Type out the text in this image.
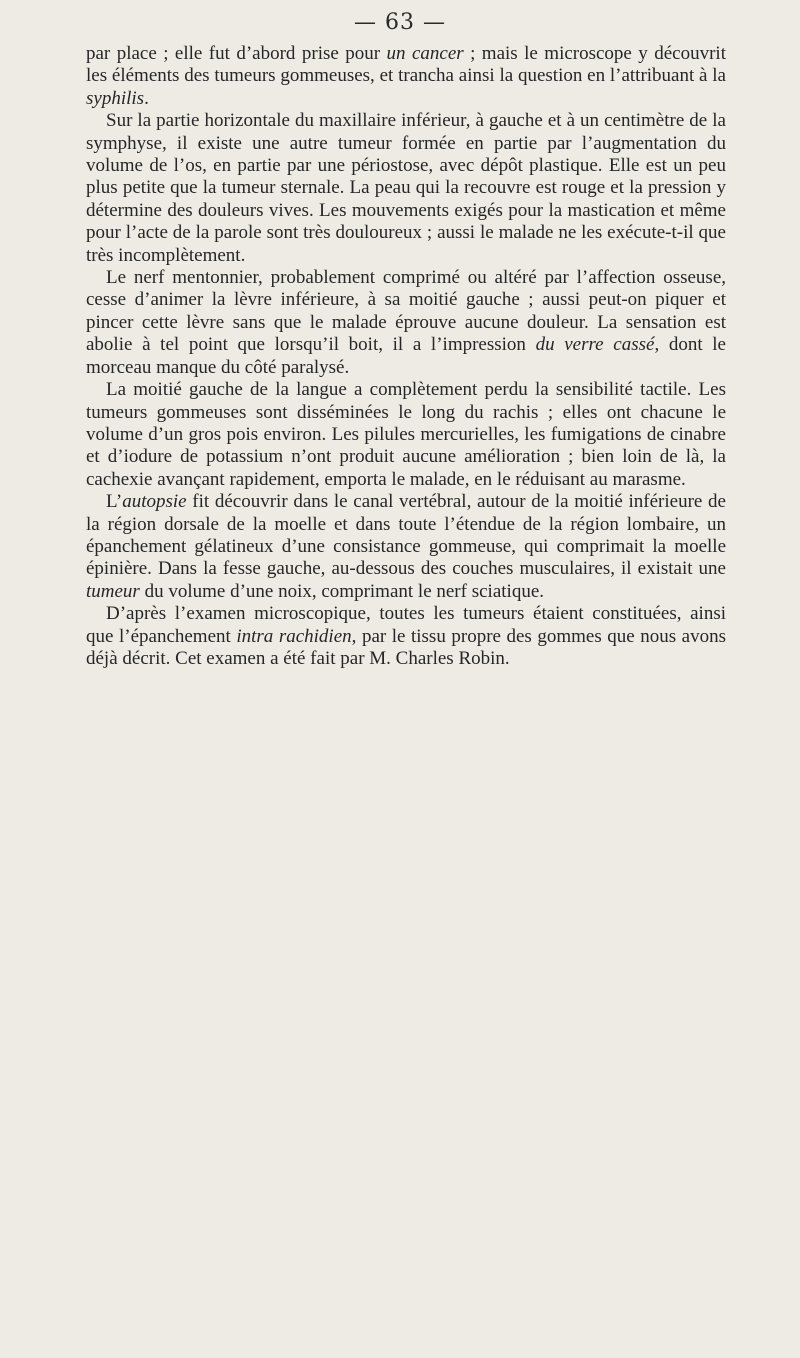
— 63 —

par place ; elle fut d’abord prise pour un cancer ; mais le microscope y découvrit les éléments des tumeurs gommeuses, et trancha ainsi la question en l’attribuant à la syphilis.

Sur la partie horizontale du maxillaire inférieur, à gauche et à un centimètre de la symphyse, il existe une autre tumeur formée en partie par l’augmentation du volume de l’os, en partie par une périostose, avec dépôt plastique. Elle est un peu plus petite que la tumeur sternale. La peau qui la recouvre est rouge et la pression y détermine des douleurs vives. Les mouvements exigés pour la mastication et même pour l’acte de la parole sont très douloureux ; aussi le malade ne les exécute-t-il que très incomplètement.

Le nerf mentonnier, probablement comprimé ou altéré par l’affection osseuse, cesse d’animer la lèvre inférieure, à sa moitié gauche ; aussi peut-on piquer et pincer cette lèvre sans que le malade éprouve aucune douleur. La sensation est abolie à tel point que lorsqu’il boit, il a l’impression du verre cassé, dont le morceau manque du côté paralysé.

La moitié gauche de la langue a complètement perdu la sensibilité tactile. Les tumeurs gommeuses sont disséminées le long du rachis ; elles ont chacune le volume d’un gros pois environ. Les pilules mercurielles, les fumigations de cinabre et d’iodure de potassium n’ont produit aucune amélioration ; bien loin de là, la cachexie avançant rapidement, emporta le malade, en le réduisant au marasme.

L’autopsie fit découvrir dans le canal vertébral, autour de la moitié inférieure de la région dorsale de la moelle et dans toute l’étendue de la région lombaire, un épanchement gélatineux d’une consistance gommeuse, qui comprimait la moelle épinière. Dans la fesse gauche, au-dessous des couches musculaires, il existait une tumeur du volume d’une noix, comprimant le nerf sciatique.

D’après l’examen microscopique, toutes les tumeurs étaient constituées, ainsi que l’épanchement intra rachidien, par le tissu propre des gommes que nous avons déjà décrit. Cet examen a été fait par M. Charles Robin.
